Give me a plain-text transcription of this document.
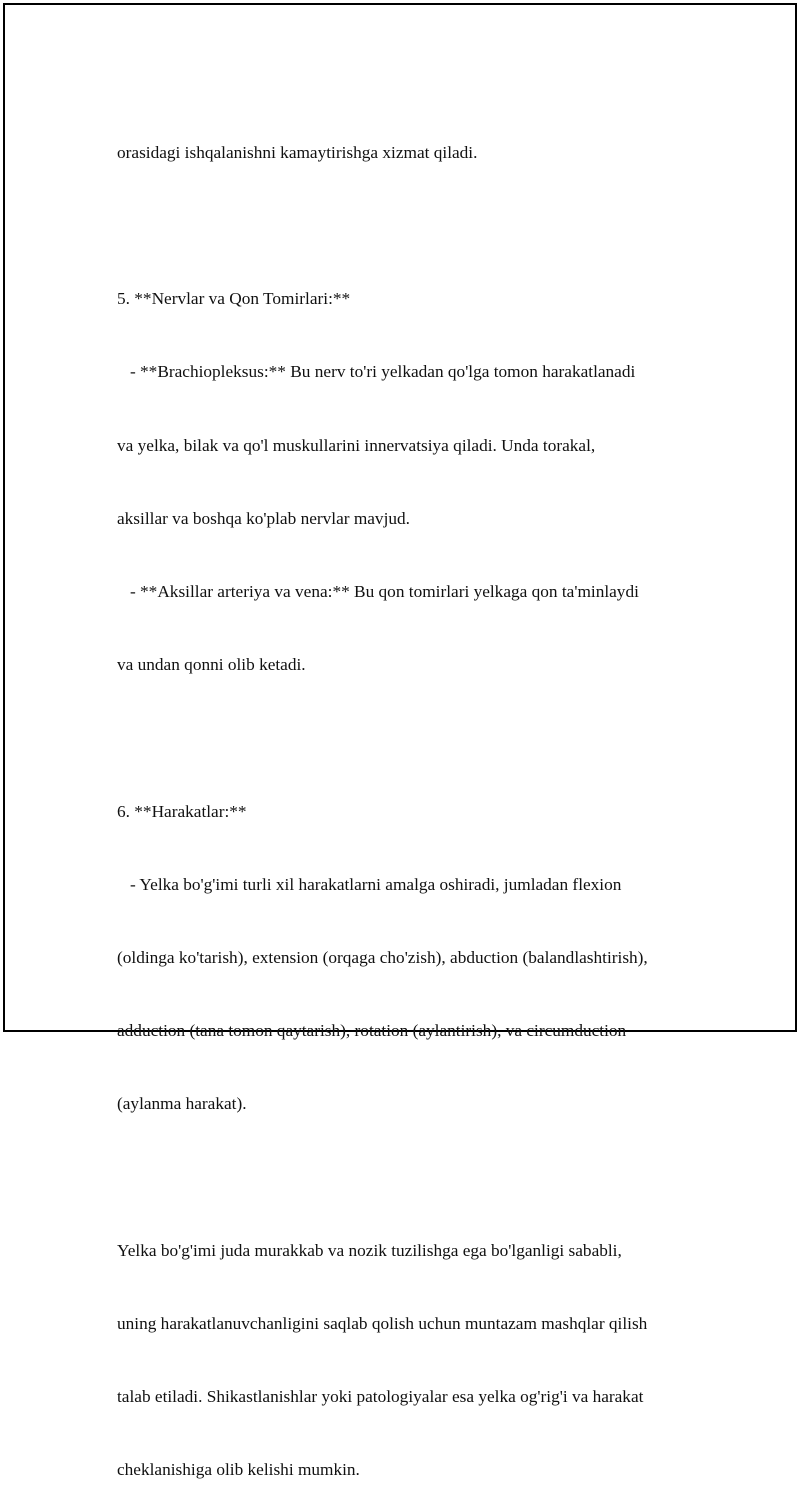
orasidagi ishqalanishni kamaytirishga xizmat qiladi.

5. **Nervlar va Qon Tomirlari:**

- **Brachiopleksus:** Bu nerv to'ri yelkadan qo'lga tomon harakatlanadi

va yelka, bilak va qo'l muskullarini innervatsiya qiladi. Unda torakal,

aksillar va boshqa ko'plab nervlar mavjud.

- **Aksillar arteriya va vena:** Bu qon tomirlari yelkaga qon ta'minlaydi

va undan qonni olib ketadi.

6. **Harakatlar:**

- Yelka bo'g'imi turli xil harakatlarni amalga oshiradi, jumladan flexion

(oldinga ko'tarish), extension (orqaga cho'zish), abduction (balandlashtirish),

adduction (tana tomon qaytarish), rotation (aylantirish), va circumduction

(aylanma harakat).

Yelka bo'g'imi juda murakkab va nozik tuzilishga ega bo'lganligi sababli,

uning harakatlanuvchanligini saqlab qolish uchun muntazam mashqlar qilish

talab etiladi. Shikastlanishlar yoki patologiyalar esa yelka og'rig'i va harakat

cheklanishiga olib kelishi mumkin.
